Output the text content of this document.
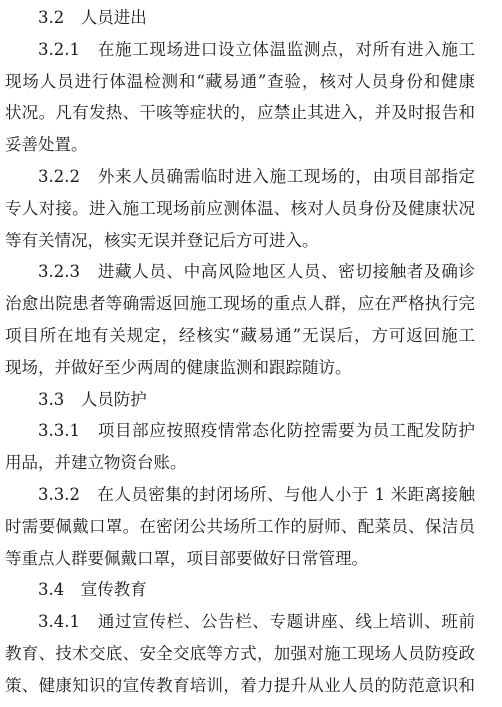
3.2　人员进出
3.2.1　在施工现场进口设立体温监测点，对所有进入施工
现场人员进行体温检测和“藏易通”查验，核对人员身份和健康
状况。凡有发热、干咳等症状的，应禁止其进入，并及时报告和
妥善处置。
3.2.2　外来人员确需临时进入施工现场的，由项目部指定
专人对接。进入施工现场前应测体温、核对人员身份及健康状况
等有关情况，核实无误并登记后方可进入。
3.2.3　进藏人员、中高风险地区人员、密切接触者及确诊
治愈出院患者等确需返回施工现场的重点人群，应在严格执行完
项目所在地有关规定，经核实“藏易通”无误后，方可返回施工
现场，并做好至少两周的健康监测和跟踪随访。
3.3　人员防护
3.3.1　项目部应按照疫情常态化防控需要为员工配发防护
用品，并建立物资台账。
3.3.2　在人员密集的封闭场所、与他人小于 1 米距离接触
时需要佩戴口罩。在密闭公共场所工作的厨师、配菜员、保洁员
等重点人群要佩戴口罩，项目部要做好日常管理。
3.4　宣传教育
3.4.1　通过宣传栏、公告栏、专题讲座、线上培训、班前
教育、技术交底、安全交底等方式，加强对施工现场人员防疫政
策、健康知识的宣传教育培训，着力提升从业人员的防范意识和
